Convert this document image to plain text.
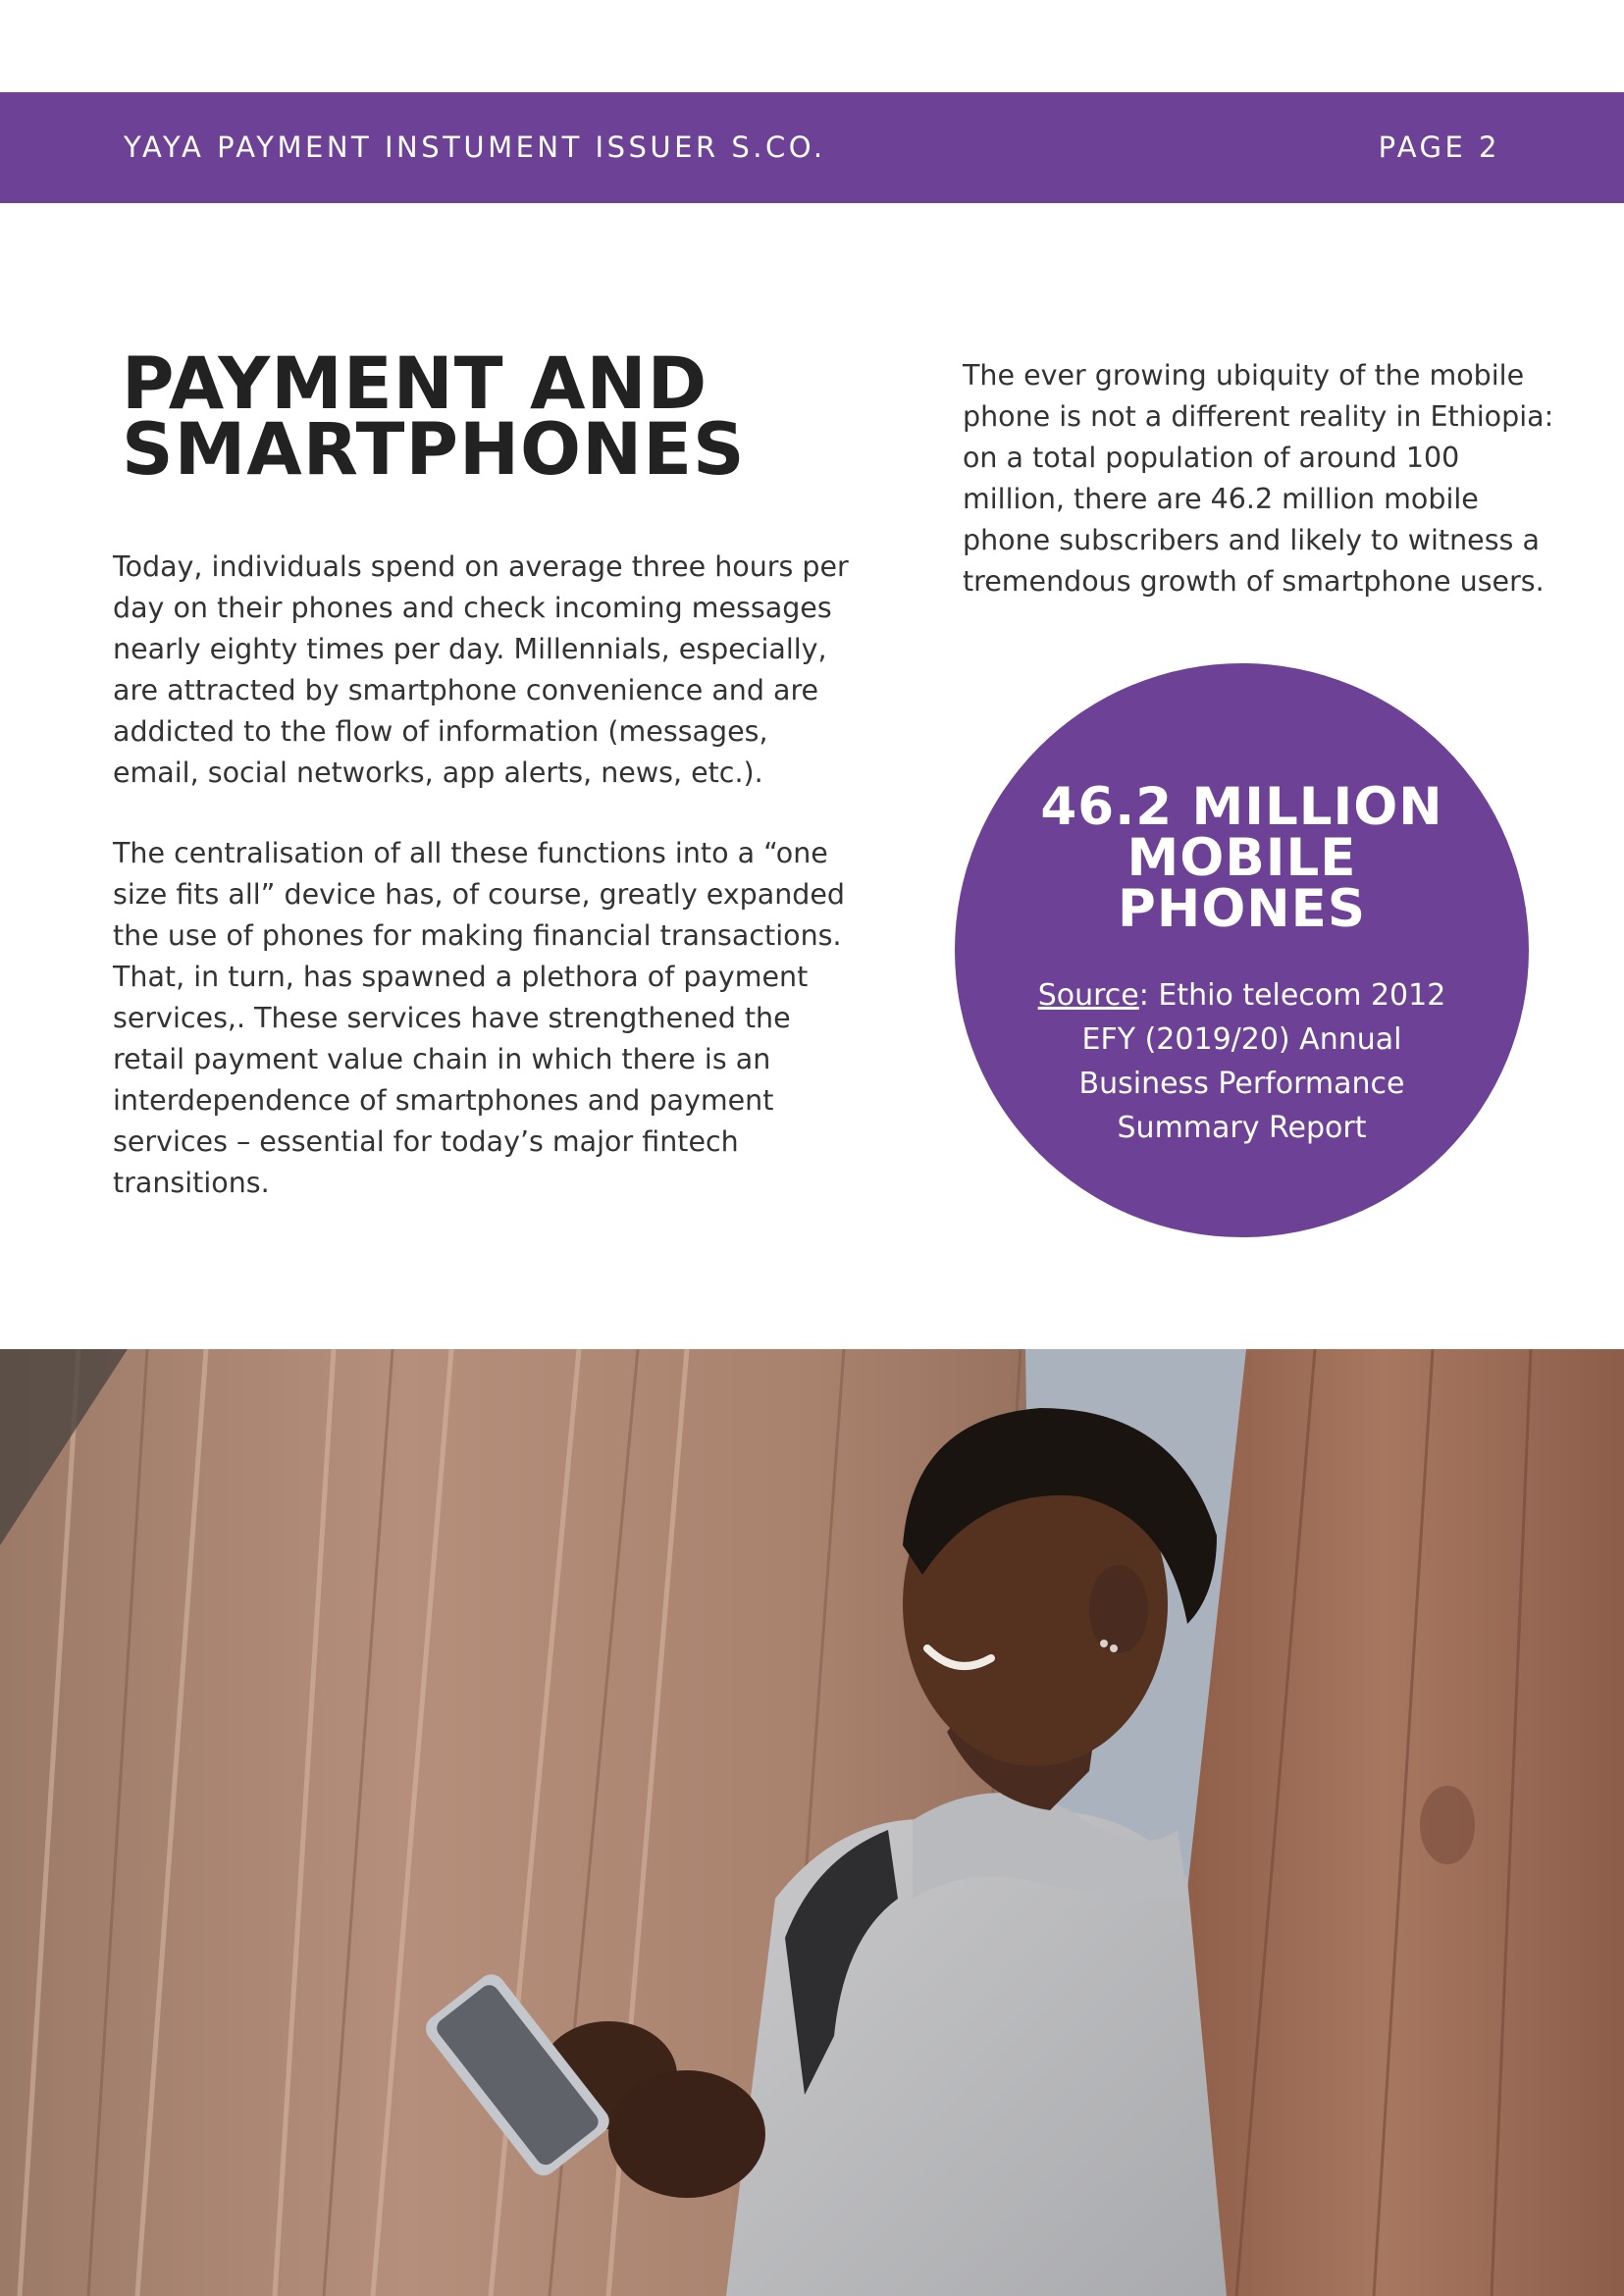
YAYA PAYMENT INSTUMENT ISSUER S.CO.	PAGE 2
PAYMENT AND
SMARTPHONES

Today, individuals spend on average three hours per
day on their phones and check incoming messages
nearly eighty times per day. Millennials, especially,
are attracted by smartphone convenience and are
addicted to the flow of information (messages,
email, social networks, app alerts, news, etc.).

The centralisation of all these functions into a “one
size fits all” device has, of course, greatly expanded
the use of phones for making financial transactions.
That, in turn, has spawned a plethora of payment
services,. These services have strengthened the
retail payment value chain in which there is an
interdependence of smartphones and payment
services – essential for today’s major fintech
transitions.

The ever growing ubiquity of the mobile
phone is not a different reality in Ethiopia:
on a total population of around 100
million, there are 46.2 million mobile
phone subscribers and likely to witness a
tremendous growth of smartphone users.

46.2 MILLION
MOBILE
PHONES
Source: Ethio telecom 2012
EFY (2019/20) Annual
Business Performance
Summary Report
